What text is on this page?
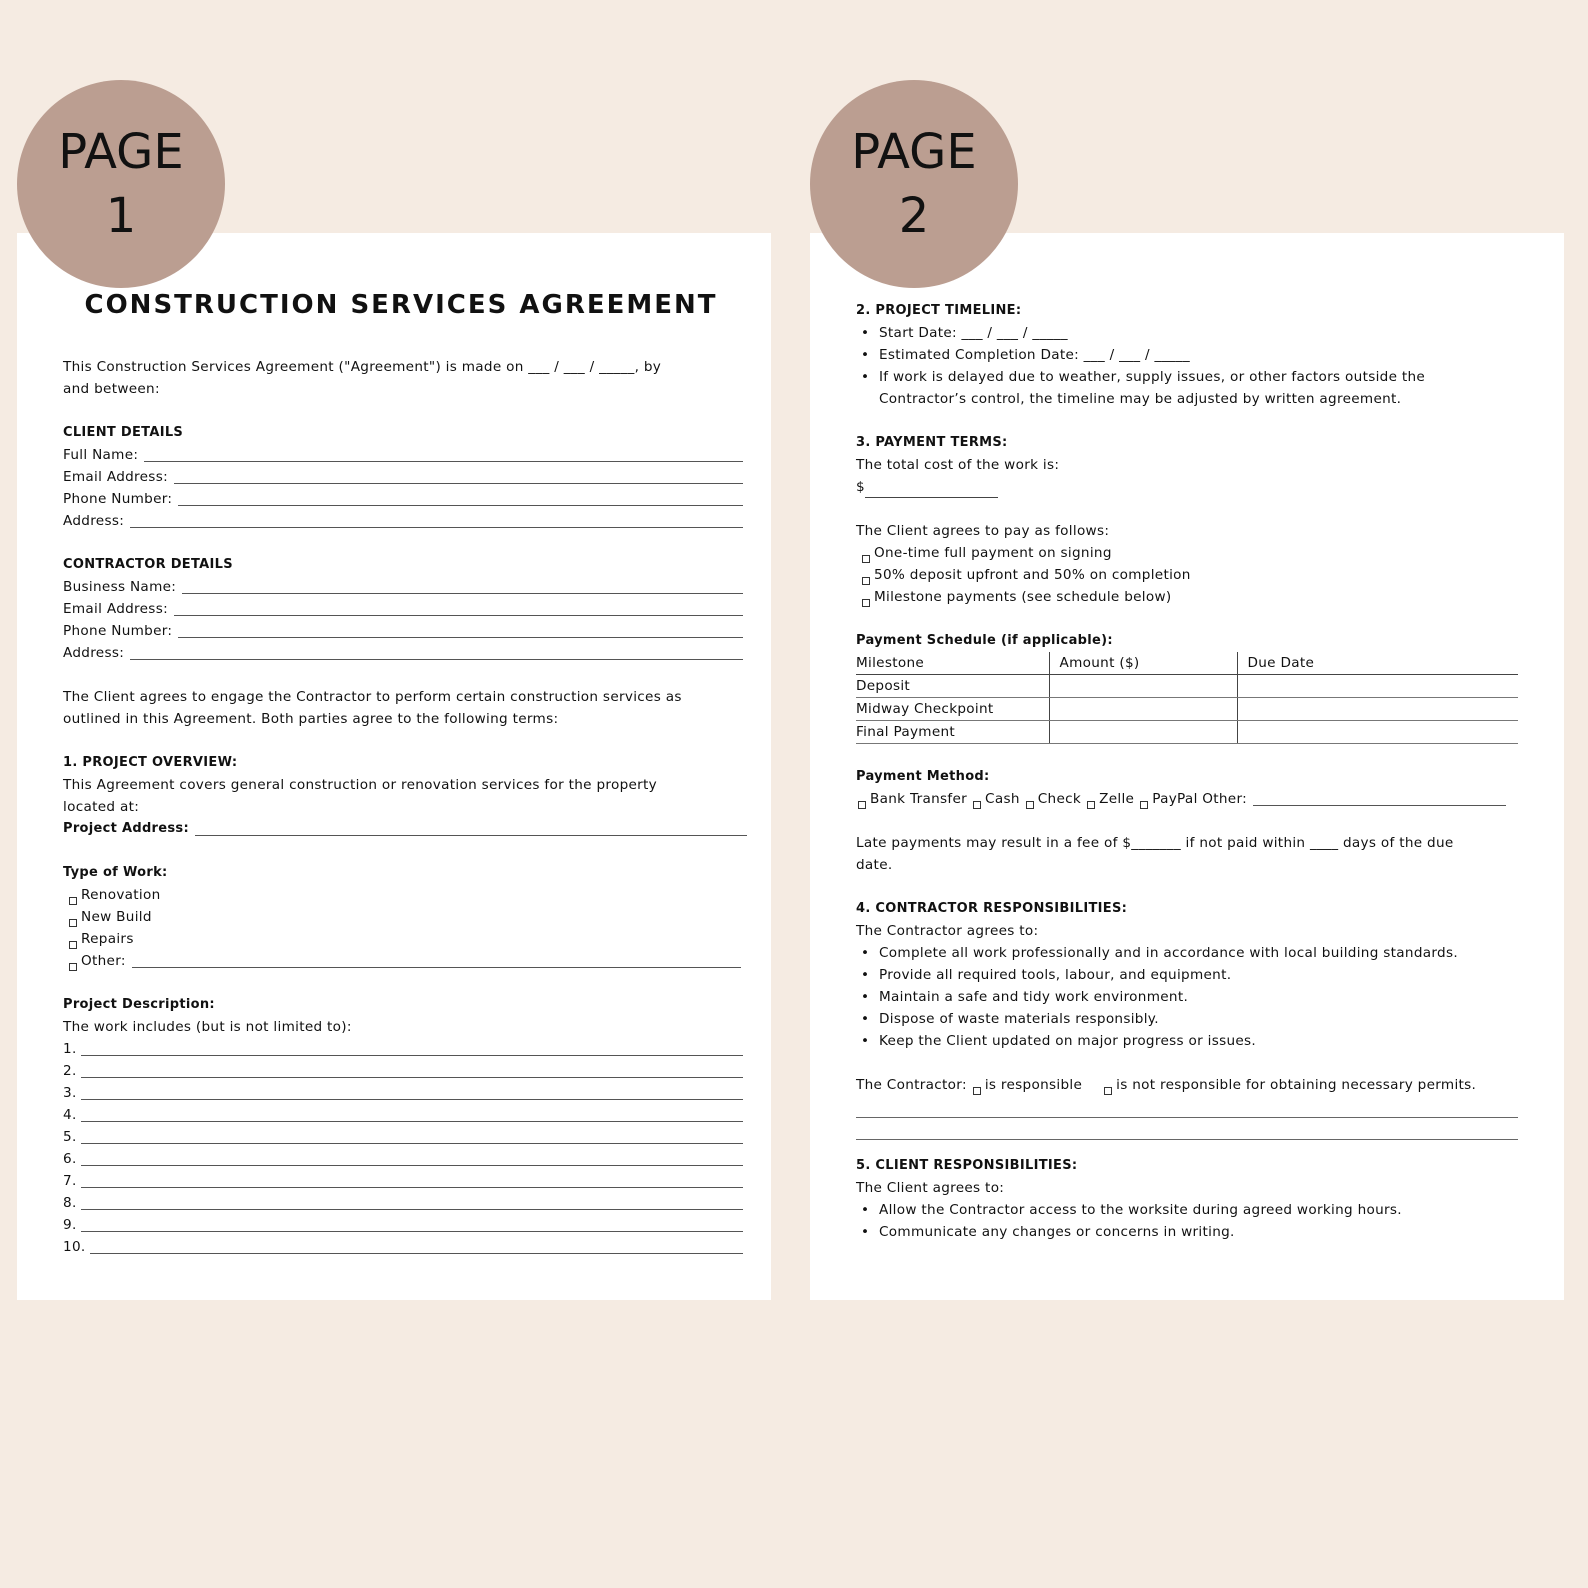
PAGE
1
PAGE
2
CONSTRUCTION SERVICES AGREEMENT
This Construction Services Agreement ("Agreement") is made on ___ / ___ / _____, by
and between:
CLIENT DETAILS
Full Name:
Email Address:
Phone Number:
Address:
CONTRACTOR DETAILS
Business Name:
Email Address:
Phone Number:
Address:
The Client agrees to engage the Contractor to perform certain construction services as
outlined in this Agreement. Both parties agree to the following terms:
1. PROJECT OVERVIEW:
This Agreement covers general construction or renovation services for the property
located at:
Project Address:
Type of Work:
Renovation
New Build
Repairs
Other:
Project Description:
The work includes (but is not limited to):
1.
2.
3.
4.
5.
6.
7.
8.
9.
10.
2. PROJECT TIMELINE:
• Start Date: ___ / ___ / _____
• Estimated Completion Date: ___ / ___ / _____
• If work is delayed due to weather, supply issues, or other factors outside the Contractor’s control, the timeline may be adjusted by written agreement.
3. PAYMENT TERMS:
The total cost of the work is:
$
The Client agrees to pay as follows:
One-time full payment on signing
50% deposit upfront and 50% on completion
Milestone payments (see schedule below)
Payment Schedule (if applicable):
Milestone	Amount ($)	Due Date
Deposit		
Midway Checkpoint		
Final Payment		
Payment Method:
Bank Transfer Cash Check Zelle PayPal Other:
Late payments may result in a fee of $_______ if not paid within ____ days of the due
date.
4. CONTRACTOR RESPONSIBILITIES:
The Contractor agrees to:
• Complete all work professionally and in accordance with local building standards.
• Provide all required tools, labour, and equipment.
• Maintain a safe and tidy work environment.
• Dispose of waste materials responsibly.
• Keep the Client updated on major progress or issues.
The Contractor: is responsible	is not responsible for obtaining necessary permits.
5. CLIENT RESPONSIBILITIES:
The Client agrees to:
• Allow the Contractor access to the worksite during agreed working hours.
• Communicate any changes or concerns in writing.
